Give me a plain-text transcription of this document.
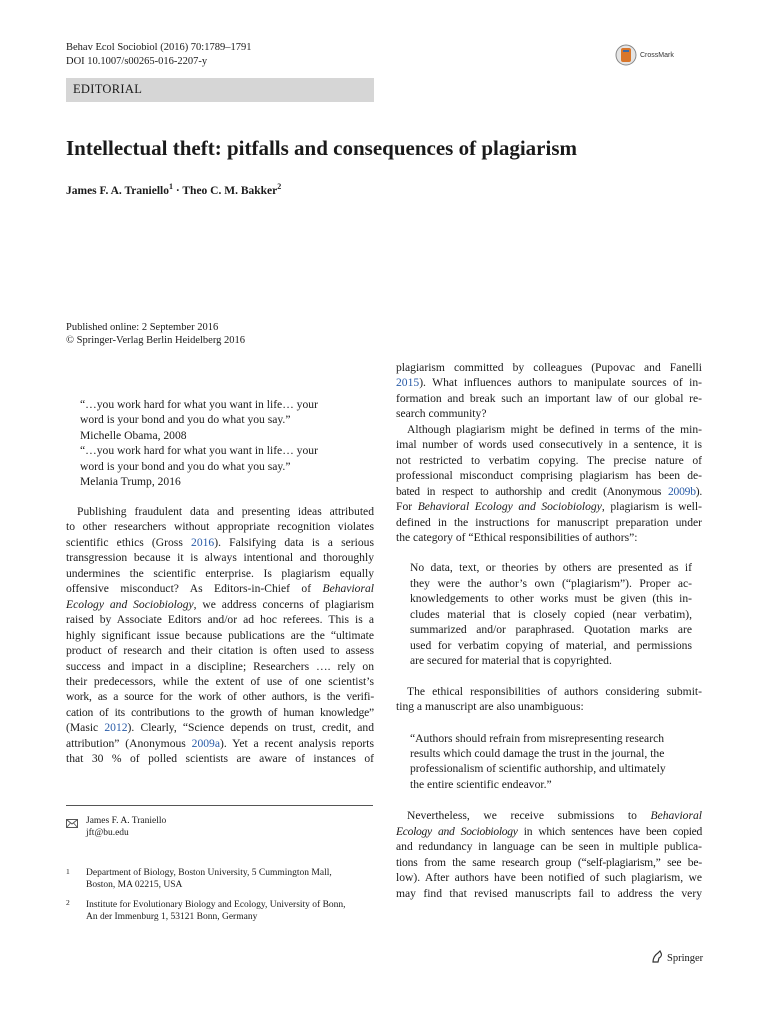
Behav Ecol Sociobiol (2016) 70:1789–1791
DOI 10.1007/s00265-016-2207-y
CrossMark
EDITORIAL
Intellectual theft: pitfalls and consequences of plagiarism
James F. A. Traniello$^1$ · Theo C. M. Bakker$^2$
Published online: 2 September 2016
© Springer-Verlag Berlin Heidelberg 2016
“…you work hard for what you want in life… your
word is your bond and you do what you say.”
Michelle Obama, 2008
“…you work hard for what you want in life… your
word is your bond and you do what you say.”
Melania Trump, 2016
Publishing fraudulent data and presenting ideas attributed
to other researchers without appropriate recognition violates
scientific ethics (Gross 2016). Falsifying data is a serious
transgression because it is always intentional and thoroughly
undermines the scientific enterprise. Is plagiarism equally
offensive misconduct? As Editors-in-Chief of Behavioral
Ecology and Sociobiology, we address concerns of plagiarism
raised by Associate Editors and/or ad hoc referees. This is a
highly significant issue because publications are the “ultimate
product of research and their citation is often used to assess
success and impact in a discipline; Researchers …. rely on
their predecessors, while the extent of use of one scientist’s
work, as a source for the work of other authors, is the verifi-
cation of its contributions to the growth of human knowledge”
(Masic 2012). Clearly, “Science depends on trust, credit, and
attribution” (Anonymous 2009a). Yet a recent analysis reports
that 30 % of polled scientists are aware of instances of
James F. A. Traniello
jft@bu.edu
1 Department of Biology, Boston University, 5 Cummington Mall,
Boston, MA 02215, USA
2 Institute for Evolutionary Biology and Ecology, University of Bonn,
An der Immenburg 1, 53121 Bonn, Germany
plagiarism committed by colleagues (Pupovac and Fanelli
2015). What influences authors to manipulate sources of in-
formation and break such an important law of our global re-
search community?
Although plagiarism might be defined in terms of the min-
imal number of words used consecutively in a sentence, it is
not restricted to verbatim copying. The precise nature of
professional misconduct comprising plagiarism has been de-
bated in respect to authorship and credit (Anonymous 2009b).
For Behavioral Ecology and Sociobiology, plagiarism is well-
defined in the instructions for manuscript preparation under
the category of “Ethical responsibilities of authors”:
No data, text, or theories by others are presented as if
they were the author’s own (“plagiarism”). Proper ac-
knowledgements to other works must be given (this in-
cludes material that is closely copied (near verbatim),
summarized and/or paraphrased. Quotation marks are
used for verbatim copying of material, and permissions
are secured for material that is copyrighted.
The ethical responsibilities of authors considering submit-
ting a manuscript are also unambiguous:
“Authors should refrain from misrepresenting research
results which could damage the trust in the journal, the
professionalism of scientific authorship, and ultimately
the entire scientific endeavor.”
Nevertheless, we receive submissions to Behavioral
Ecology and Sociobiology in which sentences have been copied
and redundancy in language can be seen in multiple publica-
tions from the same research group (“self-plagiarism,” see be-
low). After authors have been notified of such plagiarism, we
may find that revised manuscripts fail to address the very
Springer
